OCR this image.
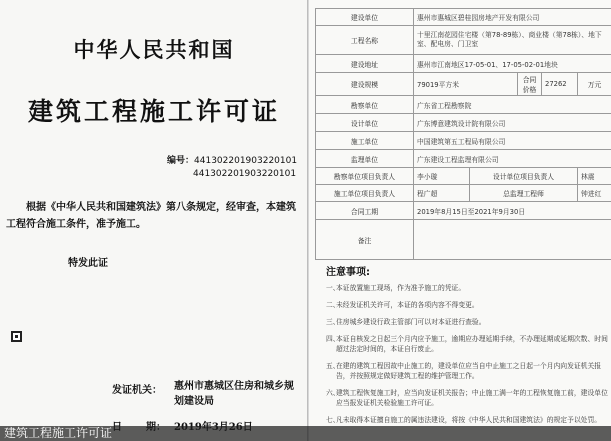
中华人民共和国
建筑工程施工许可证
编号：441302201903220101
441302201903220101
根据《中华人民共和国建筑法》第八条规定，经审查，本建筑工程符合施工条件，准予施工。
特发此证
发证机关： 惠州市惠城区住房和城乡规划建设局
建设单位	惠州市惠城区碧桂园房地产开发有限公司				
工程名称	十里江南花园住宅楼（第78-89栋）、商业楼（第78栋）、地下室、配电房、门卫室				
建设地址	惠州市江南地区17-05-01、17-05-02-01地块				
建设规模	79019平方米		合同价格	27262	万元
勘察单位	广东省工程勘察院				
设计单位	广东博意建筑设计院有限公司				
施工单位	中国建筑第五工程局有限公司				
监理单位	广东建设工程监理有限公司				
勘察单位项目负责人	李小璇	设计单位项目负责人			林震
施工单位项目负责人	程广超	总监理工程师			钟进红
合同工期	2019年8月15日至2021年9月30日				
备注					
注意事项:
一、
本证放置施工现场，作为准予施工的凭证。
二、
未经发证机关许可，本证的各项内容不得变更。
三、
住房城乡建设行政主管部门可以对本证进行查验。
四、
本证自核发之日起三个月内应予施工，逾期应办理延期手续，不办理延期或延期次数、时间超过法定时间的，本证自行废止。
五、
在建的建筑工程因故中止施工的，建设单位应当自中止施工之日起一个月内向发证机关报告，并按照规定做好建筑工程的维护管理工作。
六、
建筑工程恢复施工时，应当向发证机关报告；中止施工满一年的工程恢复施工前，建设单位应当报发证机关检验施工许可证。
七、
凡未取得本证擅自施工的属违法建设，将按《中华人民共和国建筑法》的规定予以处罚。
建筑工程施工许可证
